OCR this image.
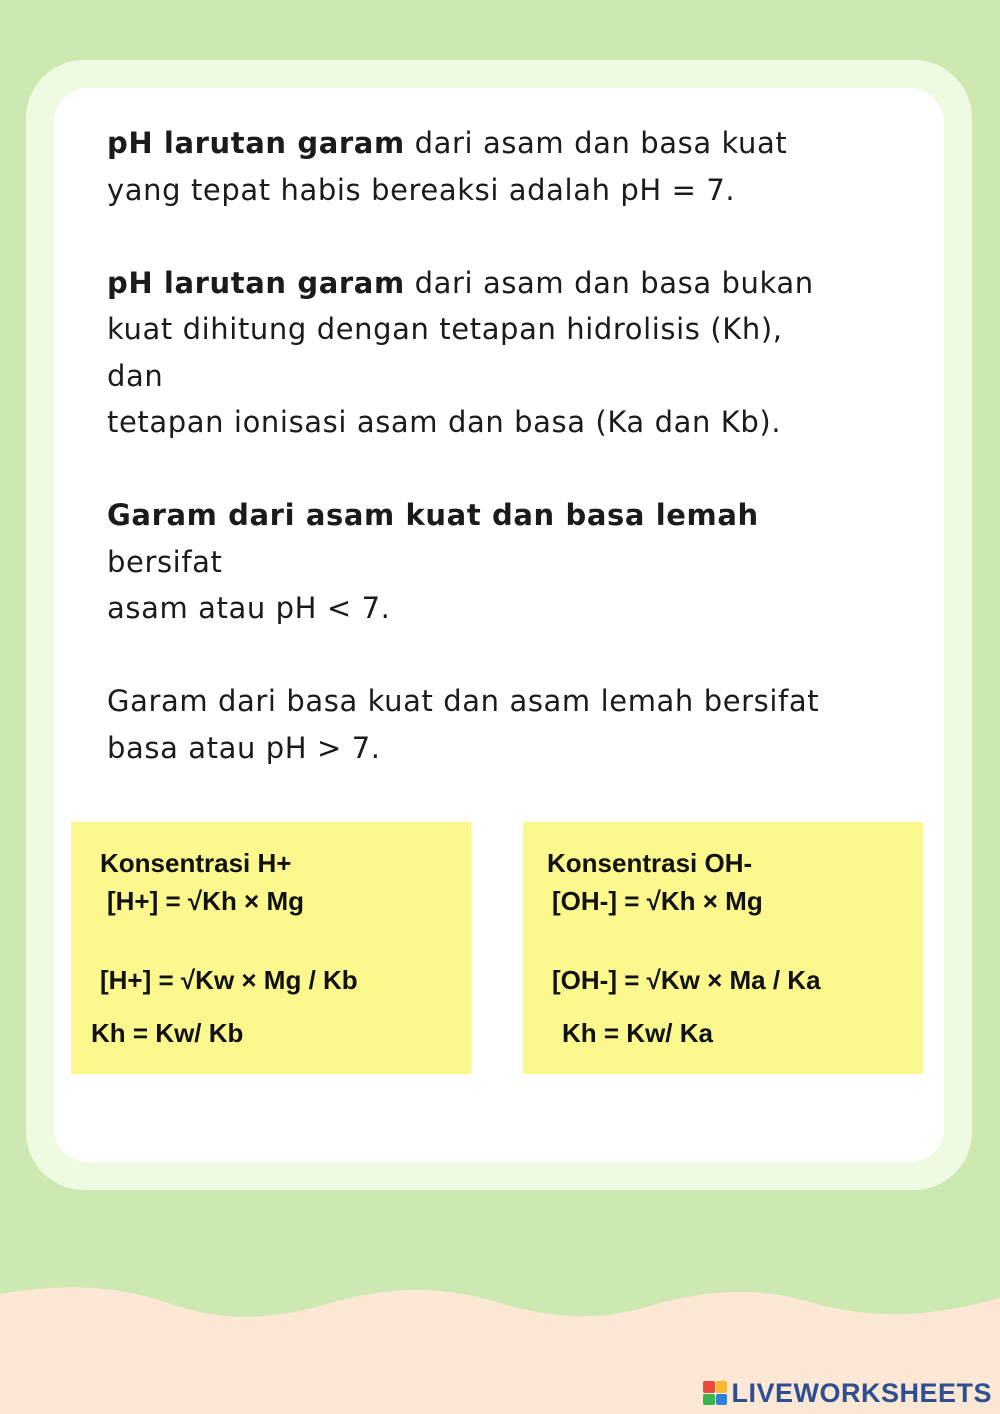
pH larutan garam dari asam dan basa kuat
yang tepat habis bereaksi adalah pH = 7.

pH larutan garam dari asam dan basa bukan
kuat dihitung dengan tetapan hidrolisis (Kh),
dan
tetapan ionisasi asam dan basa (Ka dan Kb).

Garam dari asam kuat dan basa lemah
bersifat
asam atau pH < 7.

Garam dari basa kuat dan asam lemah bersifat
basa atau pH > 7.

Konsentrasi H+
[H+] = √Kh × Mg
[H+] = √Kw × Mg / Kb
Kh = Kw/ Kb
Konsentrasi OH-
[OH-] = √Kh × Mg
[OH-] = √Kw × Ma / Ka
Kh = Kw/ Ka
LIVEWORKSHEETS
